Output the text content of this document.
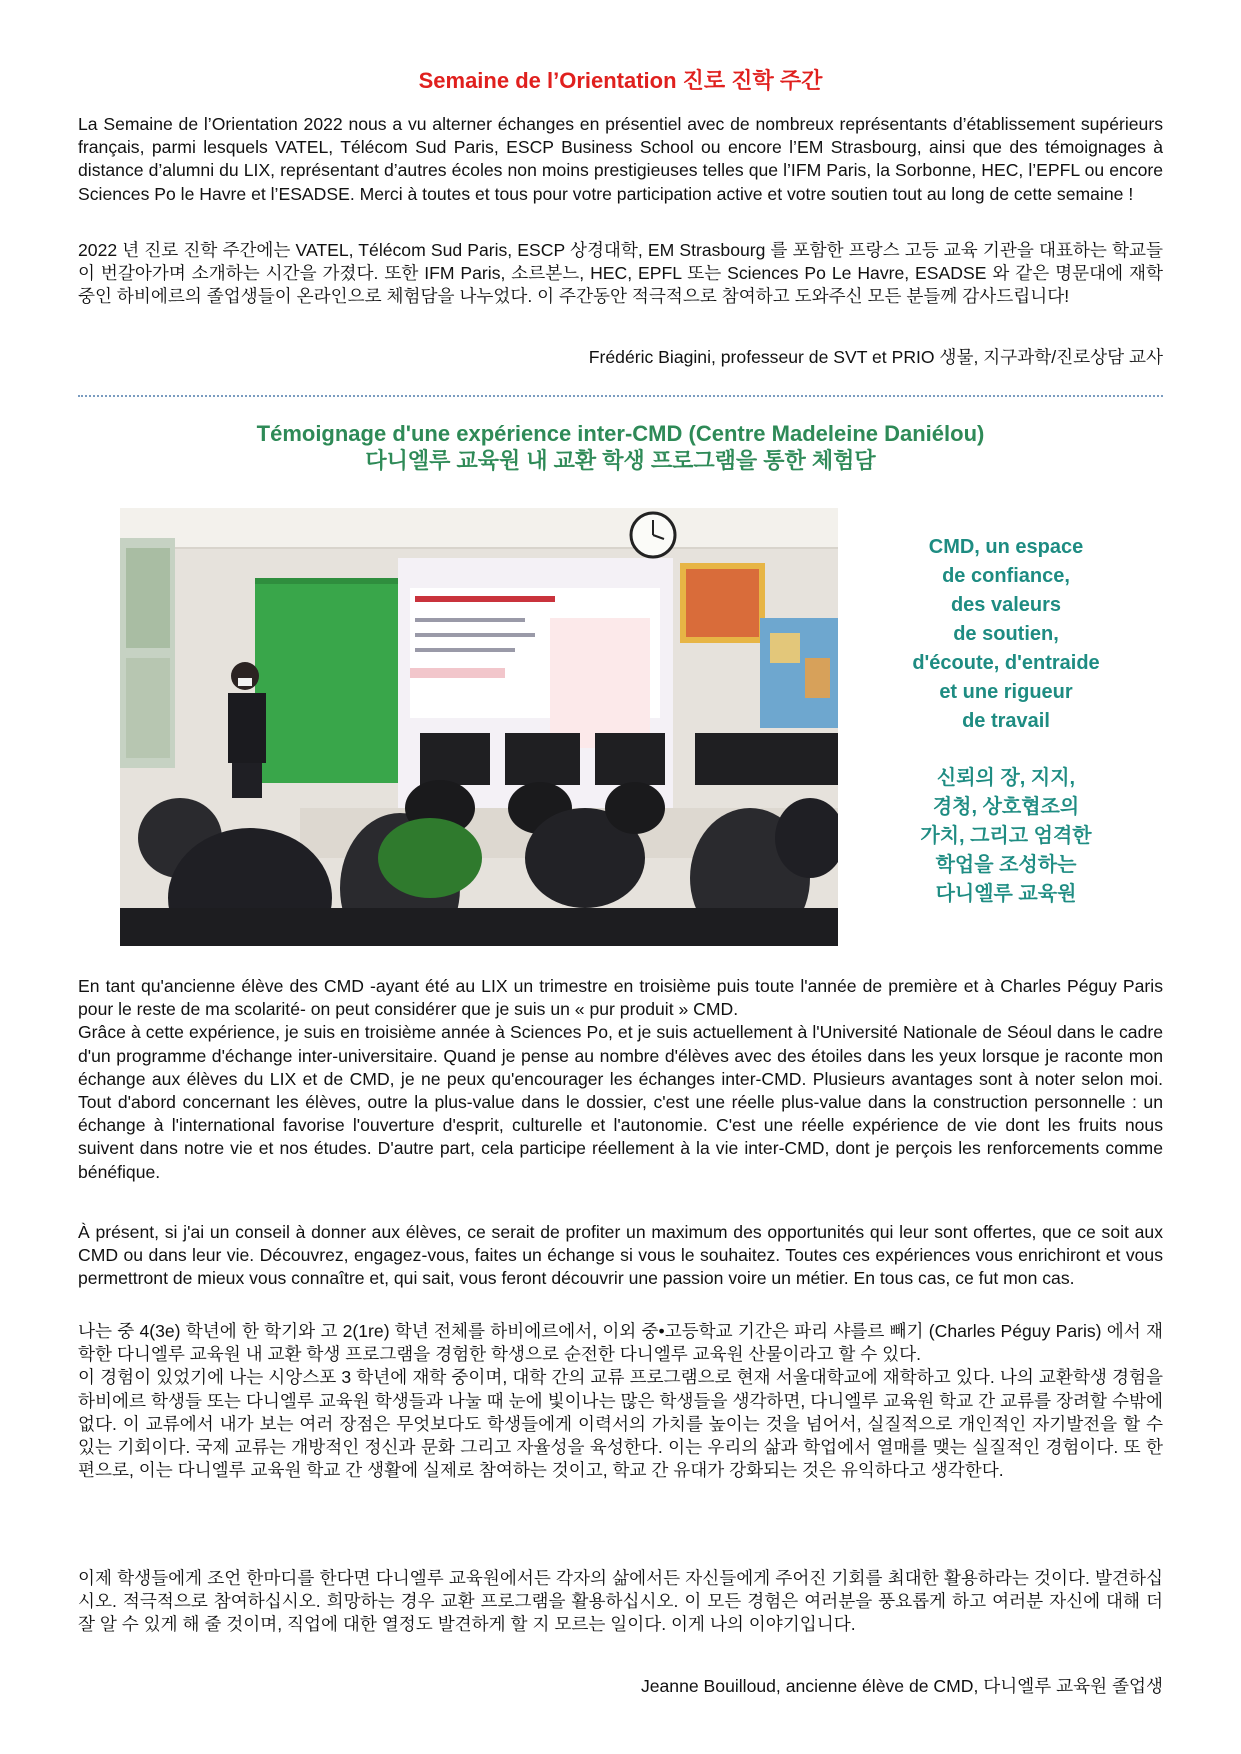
Semaine de l’Orientation 진로 진학 주간

La Semaine de l’Orientation 2022 nous a vu alterner échanges en présentiel avec de nombreux représentants d’établissement supérieurs français, parmi lesquels VATEL, Télécom Sud Paris, ESCP Business School ou encore l’EM Strasbourg, ainsi que des témoignages à distance d’alumni du LIX, représentant d’autres écoles non moins prestigieuses telles que l’IFM Paris, la Sorbonne, HEC, l’EPFL ou encore Sciences Po le Havre et l’ESADSE. Merci à toutes et tous pour votre participation active et votre soutien tout au long de cette semaine !

2022 년 진로 진학 주간에는 VATEL, Télécom Sud Paris, ESCP 상경대학, EM Strasbourg 를 포함한 프랑스 고등 교육 기관을 대표하는 학교들이 번갈아가며 소개하는 시간을 가졌다. 또한 IFM Paris, 소르본느, HEC, EPFL 또는 Sciences Po Le Havre, ESADSE 와 같은 명문대에 재학 중인 하비에르의 졸업생들이 온라인으로 체험담을 나누었다. 이 주간동안 적극적으로 참여하고 도와주신 모든 분들께 감사드립니다!

Frédéric Biagini, professeur de SVT et PRIO 생물, 지구과학/진로상담 교사
Témoignage d'une expérience inter-CMD (Centre Madeleine Daniélou)
다니엘루 교육원 내 교환 학생 프로그램을 통한 체험담
CMD, un espace
de confiance,
des valeurs
de soutien,
d'écoute, d'entraide
et une rigueur
de travail
신뢰의 장, 지지,
경청, 상호협조의
가치, 그리고 엄격한
학업을 조성하는
다니엘루 교육원

En tant qu'ancienne élève des CMD -ayant été au LIX un trimestre en troisième puis toute l'année de première et à Charles Péguy Paris pour le reste de ma scolarité- on peut considérer que je suis un « pur produit » CMD.

Grâce à cette expérience, je suis en troisième année à Sciences Po, et je suis actuellement à l'Université Nationale de Séoul dans le cadre d'un programme d'échange inter-universitaire. Quand je pense au nombre d'élèves avec des étoiles dans les yeux lorsque je raconte mon échange aux élèves du LIX et de CMD, je ne peux qu'encourager les échanges inter-CMD. Plusieurs avantages sont à noter selon moi. Tout d'abord concernant les élèves, outre la plus-value dans le dossier, c'est une réelle plus-value dans la construction personnelle : un échange à l'international favorise l'ouverture d'esprit, culturelle et l'autonomie. C'est une réelle expérience de vie dont les fruits nous suivent dans notre vie et nos études. D'autre part, cela participe réellement à la vie inter-CMD, dont je perçois les renforcements comme bénéfique.

À présent, si j'ai un conseil à donner aux élèves, ce serait de profiter un maximum des opportunités qui leur sont offertes, que ce soit aux CMD ou dans leur vie. Découvrez, engagez-vous, faites un échange si vous le souhaitez. Toutes ces expériences vous enrichiront et vous permettront de mieux vous connaître et, qui sait, vous feront découvrir une passion voire un métier. En tous cas, ce fut mon cas.

나는 중 4(3e) 학년에 한 학기와 고 2(1re) 학년 전체를 하비에르에서, 이외 중•고등학교 기간은 파리 샤를르 빼기 (Charles Péguy Paris) 에서 재학한 다니엘루 교육원 내 교환 학생 프로그램을 경험한 학생으로 순전한 다니엘루 교육원 산물이라고 할 수 있다.

이 경험이 있었기에 나는 시앙스포 3 학년에 재학 중이며, 대학 간의 교류 프로그램으로 현재 서울대학교에 재학하고 있다. 나의 교환학생 경험을 하비에르 학생들 또는 다니엘루 교육원 학생들과 나눌 때 눈에 빛이나는 많은 학생들을 생각하면, 다니엘루 교육원 학교 간 교류를 장려할 수밖에 없다. 이 교류에서 내가 보는 여러 장점은 무엇보다도 학생들에게 이력서의 가치를 높이는 것을 넘어서, 실질적으로 개인적인 자기발전을 할 수 있는 기회이다. 국제 교류는 개방적인 정신과 문화 그리고 자율성을 육성한다. 이는 우리의 삶과 학업에서 열매를 맺는 실질적인 경험이다. 또 한편으로, 이는 다니엘루 교육원 학교 간 생활에 실제로 참여하는 것이고, 학교 간 유대가 강화되는 것은 유익하다고 생각한다.

이제 학생들에게 조언 한마디를 한다면 다니엘루 교육원에서든 각자의 삶에서든 자신들에게 주어진 기회를 최대한 활용하라는 것이다. 발견하십시오. 적극적으로 참여하십시오. 희망하는 경우 교환 프로그램을 활용하십시오. 이 모든 경험은 여러분을 풍요롭게 하고 여러분 자신에 대해 더 잘 알 수 있게 해 줄 것이며, 직업에 대한 열정도 발견하게 할 지 모르는 일이다. 이게 나의 이야기입니다.

Jeanne Bouilloud, ancienne élève de CMD, 다니엘루 교육원 졸업생
